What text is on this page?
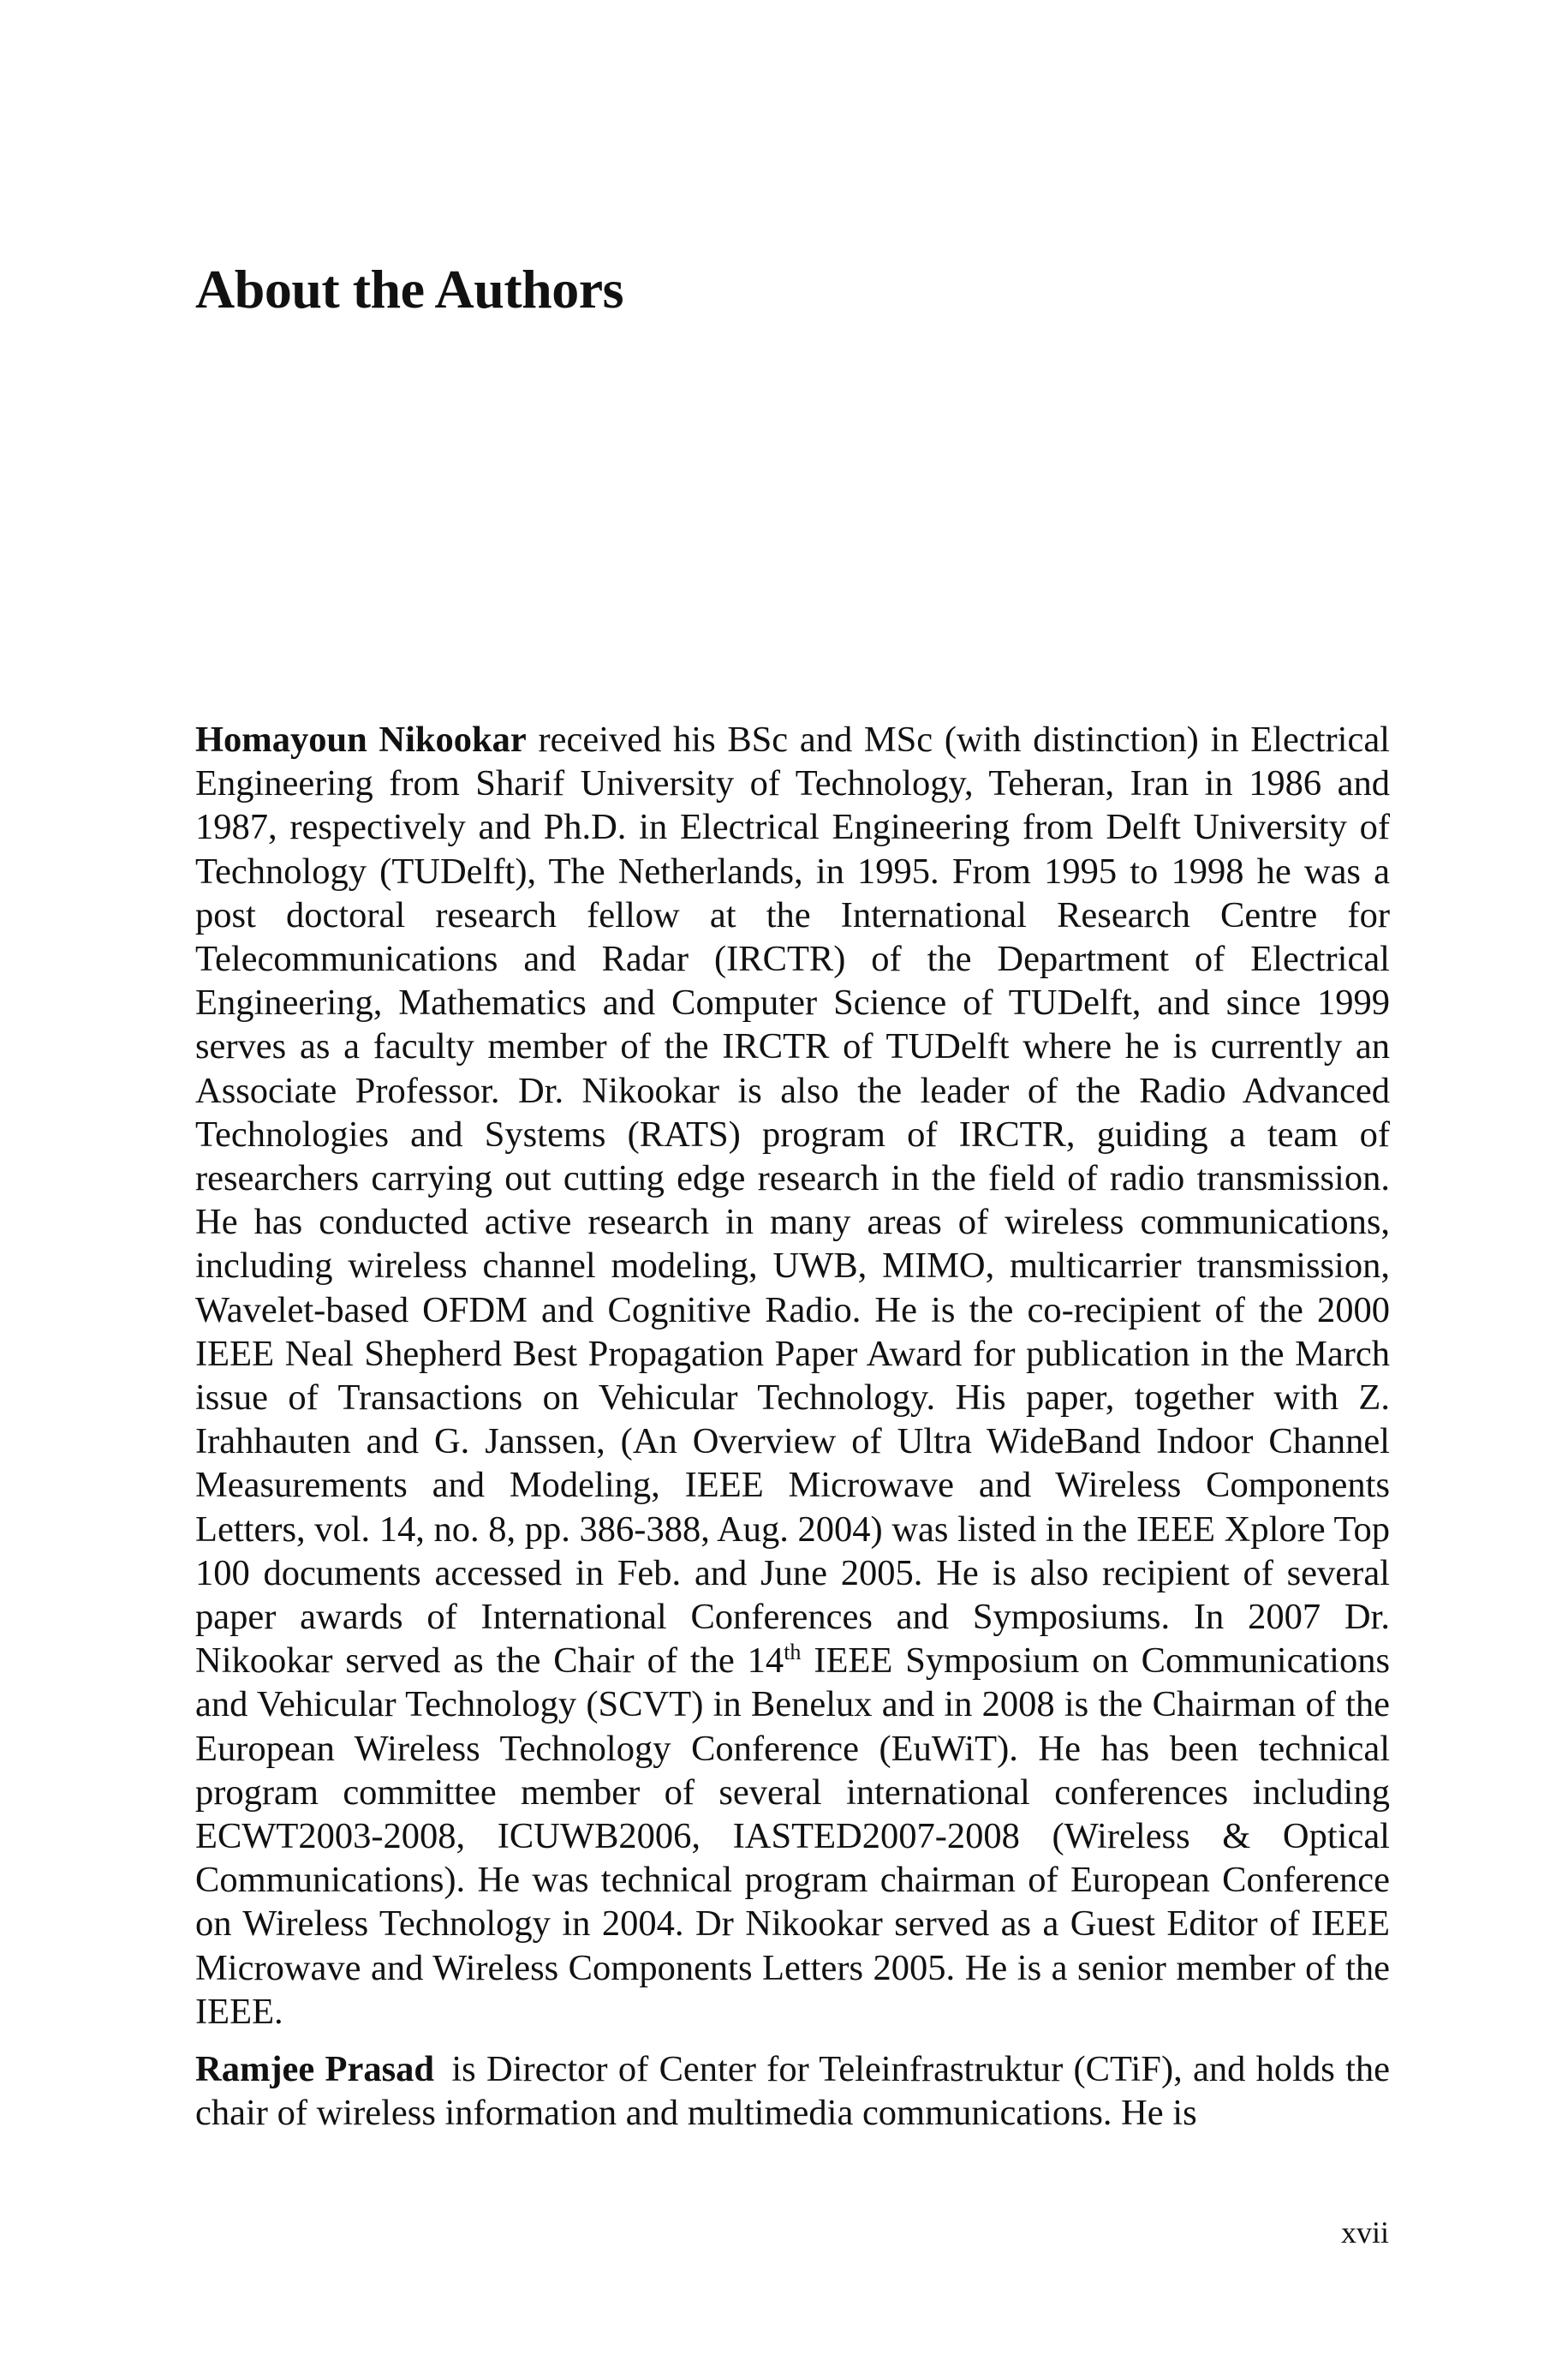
About the Authors

Homayoun Nikookar received his BSc and MSc (with distinction) in Electrical Engineering from Sharif University of Technology, Teheran, Iran in 1986 and 1987, respectively and Ph.D. in Electrical Engineering from Delft University of Technology (TUDelft), The Netherlands, in 1995. From 1995 to 1998 he was a post doctoral research fellow at the International Research Centre for Telecommunications and Radar (IRCTR) of the Department of Electrical Engineering, Mathematics and Computer Science of TUDelft, and since 1999 serves as a faculty member of the IRCTR of TUDelft where he is currently an Associate Professor. Dr. Nikookar is also the leader of the Radio Advanced Technologies and Systems (RATS) program of IRCTR, guiding a team of researchers carrying out cutting edge research in the field of radio transmission. He has conducted active research in many areas of wireless communications, including wireless channel modeling, UWB, MIMO, multicarrier transmission, Wavelet-based OFDM and Cognitive Radio. He is the co-recipient of the 2000 IEEE Neal Shepherd Best Propagation Paper Award for publication in the March issue of Transactions on Vehicular Technology. His paper, together with Z. Irahhauten and G. Janssen, (An Overview of Ultra WideBand Indoor Channel Measurements and Modeling, IEEE Microwave and Wireless Components Letters, vol. 14, no. 8, pp. 386-388, Aug. 2004) was listed in the IEEE Xplore Top 100 documents accessed in Feb. and June 2005. He is also recipient of several paper awards of International Conferences and Symposiums. In 2007 Dr. Nikookar served as the Chair of the 14th IEEE Symposium on Communications and Vehicular Technology (SCVT) in Benelux and in 2008 is the Chairman of the European Wireless Technology Conference (EuWiT). He has been technical program committee member of several international conferences including ECWT2003-2008, ICUWB2006, IASTED2007-2008 (Wireless & Optical Communications). He was technical program chairman of European Conference on Wireless Technology in 2004. Dr Nikookar served as a Guest Editor of IEEE Microwave and Wireless Components Letters 2005. He is a senior member of the IEEE.

Ramjee Prasad is Director of Center for Teleinfrastruktur (CTiF), and holds the chair of wireless information and multimedia communications. He is

xvii
